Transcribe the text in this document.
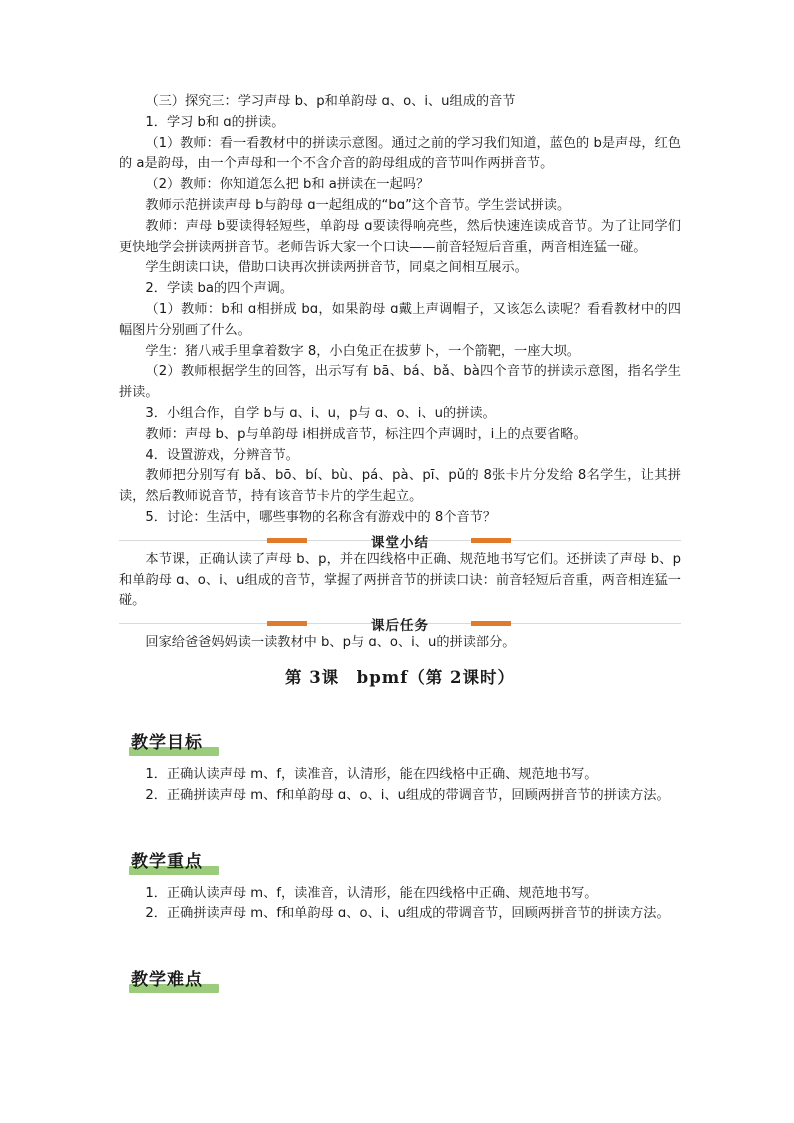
（三）探究三：学习声母 b、p和单韵母 ɑ、o、i、u组成的音节

1．学习 b和 ɑ的拼读。

（1）教师：看一看教材中的拼读示意图。通过之前的学习我们知道，蓝色的 b是声母，红色的 a是韵母，由一个声母和一个不含介音的韵母组成的音节叫作两拼音节。

（2）教师：你知道怎么把 b和 a拼读在一起吗？

教师示范拼读声母 b与韵母 ɑ一起组成的“bɑ”这个音节。学生尝试拼读。

教师：声母 b要读得轻短些，单韵母 ɑ要读得响亮些，然后快速连读成音节。为了让同学们更快地学会拼读两拼音节。老师告诉大家一个口诀——前音轻短后音重，两音相连猛一碰。

学生朗读口诀，借助口诀再次拼读两拼音节，同桌之间相互展示。

2．学读 ba的四个声调。

（1）教师：b和 ɑ相拼成 bɑ，如果韵母 ɑ戴上声调帽子，又该怎么读呢？看看教材中的四幅图片分别画了什么。

学生：猪八戒手里拿着数字 8，小白兔正在拔萝卜，一个箭靶，一座大坝。

（2）教师根据学生的回答，出示写有 bā、bá、bǎ、bà四个音节的拼读示意图，指名学生拼读。

3．小组合作，自学 b与 ɑ、i、u，p与 ɑ、o、i、u的拼读。

教师：声母 b、p与单韵母 i相拼成音节，标注四个声调时，i上的点要省略。

4．设置游戏，分辨音节。

教师把分别写有 bǎ、bō、bí、bù、pá、pà、pī、pǔ的 8张卡片分发给 8名学生，让其拼读，然后教师说音节，持有该音节卡片的学生起立。

5．讨论：生活中，哪些事物的名称含有游戏中的 8个音节？

课堂小结

本节课，正确认读了声母 b、p，并在四线格中正确、规范地书写它们。还拼读了声母 b、p和单韵母 ɑ、o、i、u组成的音节，掌握了两拼音节的拼读口诀：前音轻短后音重，两音相连猛一碰。

课后任务

回家给爸爸妈妈读一读教材中 b、p与 ɑ、o、i、u的拼读部分。

第 3课　bpmf（第 2课时）
教学目标

1．正确认读声母 m、f，读准音，认清形，能在四线格中正确、规范地书写。

2．正确拼读声母 m、f和单韵母 ɑ、o、i、u组成的带调音节，回顾两拼音节的拼读方法。

教学重点

1．正确认读声母 m、f，读准音，认清形，能在四线格中正确、规范地书写。

2．正确拼读声母 m、f和单韵母 ɑ、o、i、u组成的带调音节，回顾两拼音节的拼读方法。

教学难点
